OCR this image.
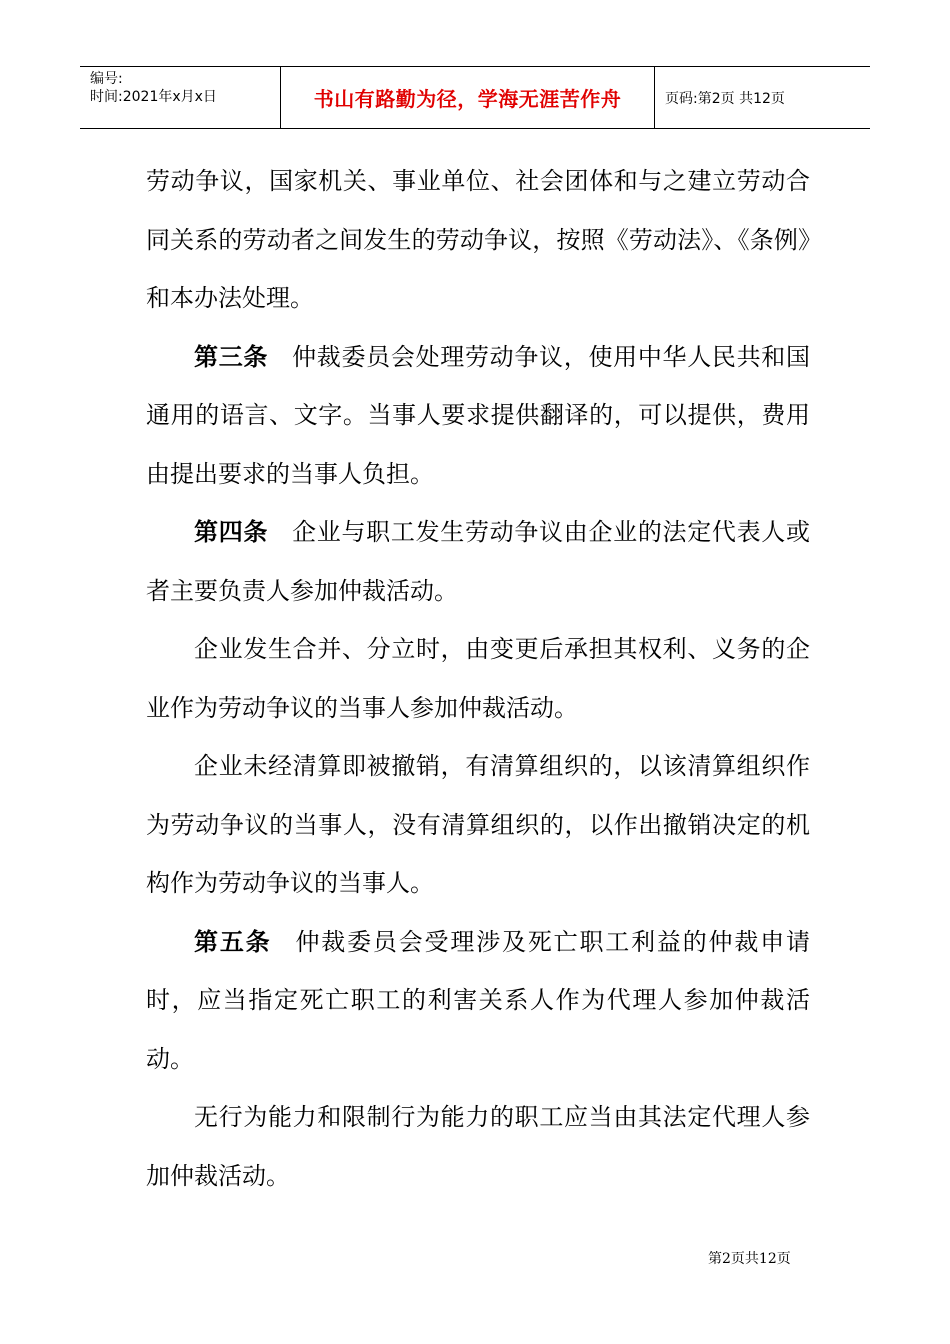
编号:
时间:2021年x月x日	书山有路勤为径，学海无涯苦作舟	页码:第2页 共12页

劳动争议，国家机关、事业单位、社会团体和与之建立劳动合同关系的劳动者之间发生的劳动争议，按照《劳动法》、《条例》和本办法处理。

第三条 仲裁委员会处理劳动争议，使用中华人民共和国通用的语言、文字。当事人要求提供翻译的，可以提供，费用由提出要求的当事人负担。

第四条 企业与职工发生劳动争议由企业的法定代表人或者主要负责人参加仲裁活动。

企业发生合并、分立时，由变更后承担其权利、义务的企业作为劳动争议的当事人参加仲裁活动。

企业未经清算即被撤销，有清算组织的，以该清算组织作为劳动争议的当事人，没有清算组织的，以作出撤销决定的机构作为劳动争议的当事人。

第五条 仲裁委员会受理涉及死亡职工利益的仲裁申请时，应当指定死亡职工的利害关系人作为代理人参加仲裁活动。

无行为能力和限制行为能力的职工应当由其法定代理人参加仲裁活动。

第2页共12页
